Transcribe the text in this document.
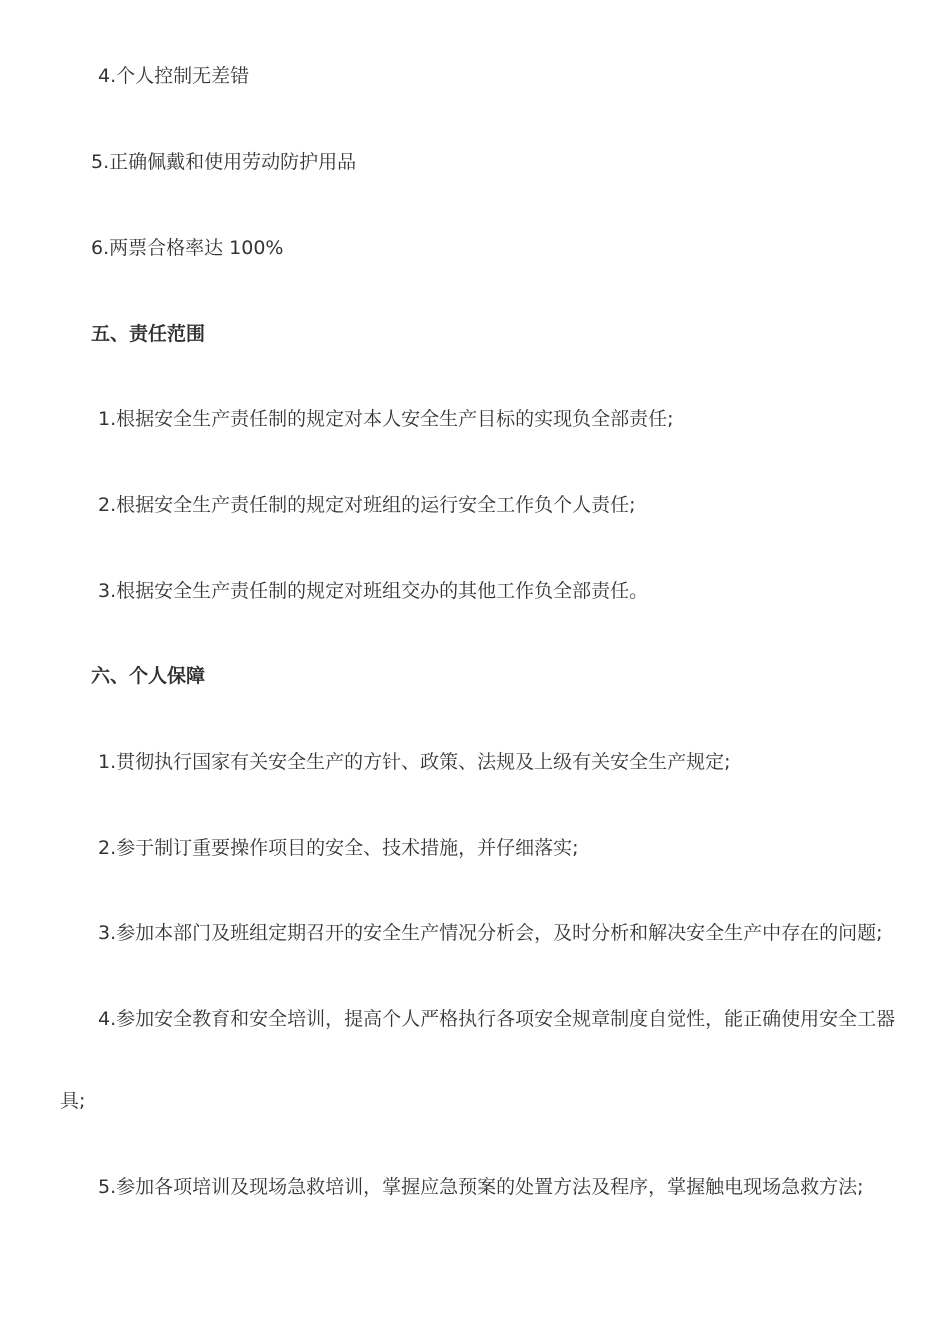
4.个人控制无差错
5.正确佩戴和使用劳动防护用品
6.两票合格率达 100%
五、责任范围
1.根据安全生产责任制的规定对本人安全生产目标的实现负全部责任;
2.根据安全生产责任制的规定对班组的运行安全工作负个人责任;
3.根据安全生产责任制的规定对班组交办的其他工作负全部责任。
六、个人保障
1.贯彻执行国家有关安全生产的方针、政策、法规及上级有关安全生产规定;
2.参于制订重要操作项目的安全、技术措施，并仔细落实;
3.参加本部门及班组定期召开的安全生产情况分析会，及时分析和解决安全生产中存在的问题;
4.参加安全教育和安全培训，提高个人严格执行各项安全规章制度自觉性，能正确使用安全工器
具;
5.参加各项培训及现场急救培训，掌握应急预案的处置方法及程序，掌握触电现场急救方法;
